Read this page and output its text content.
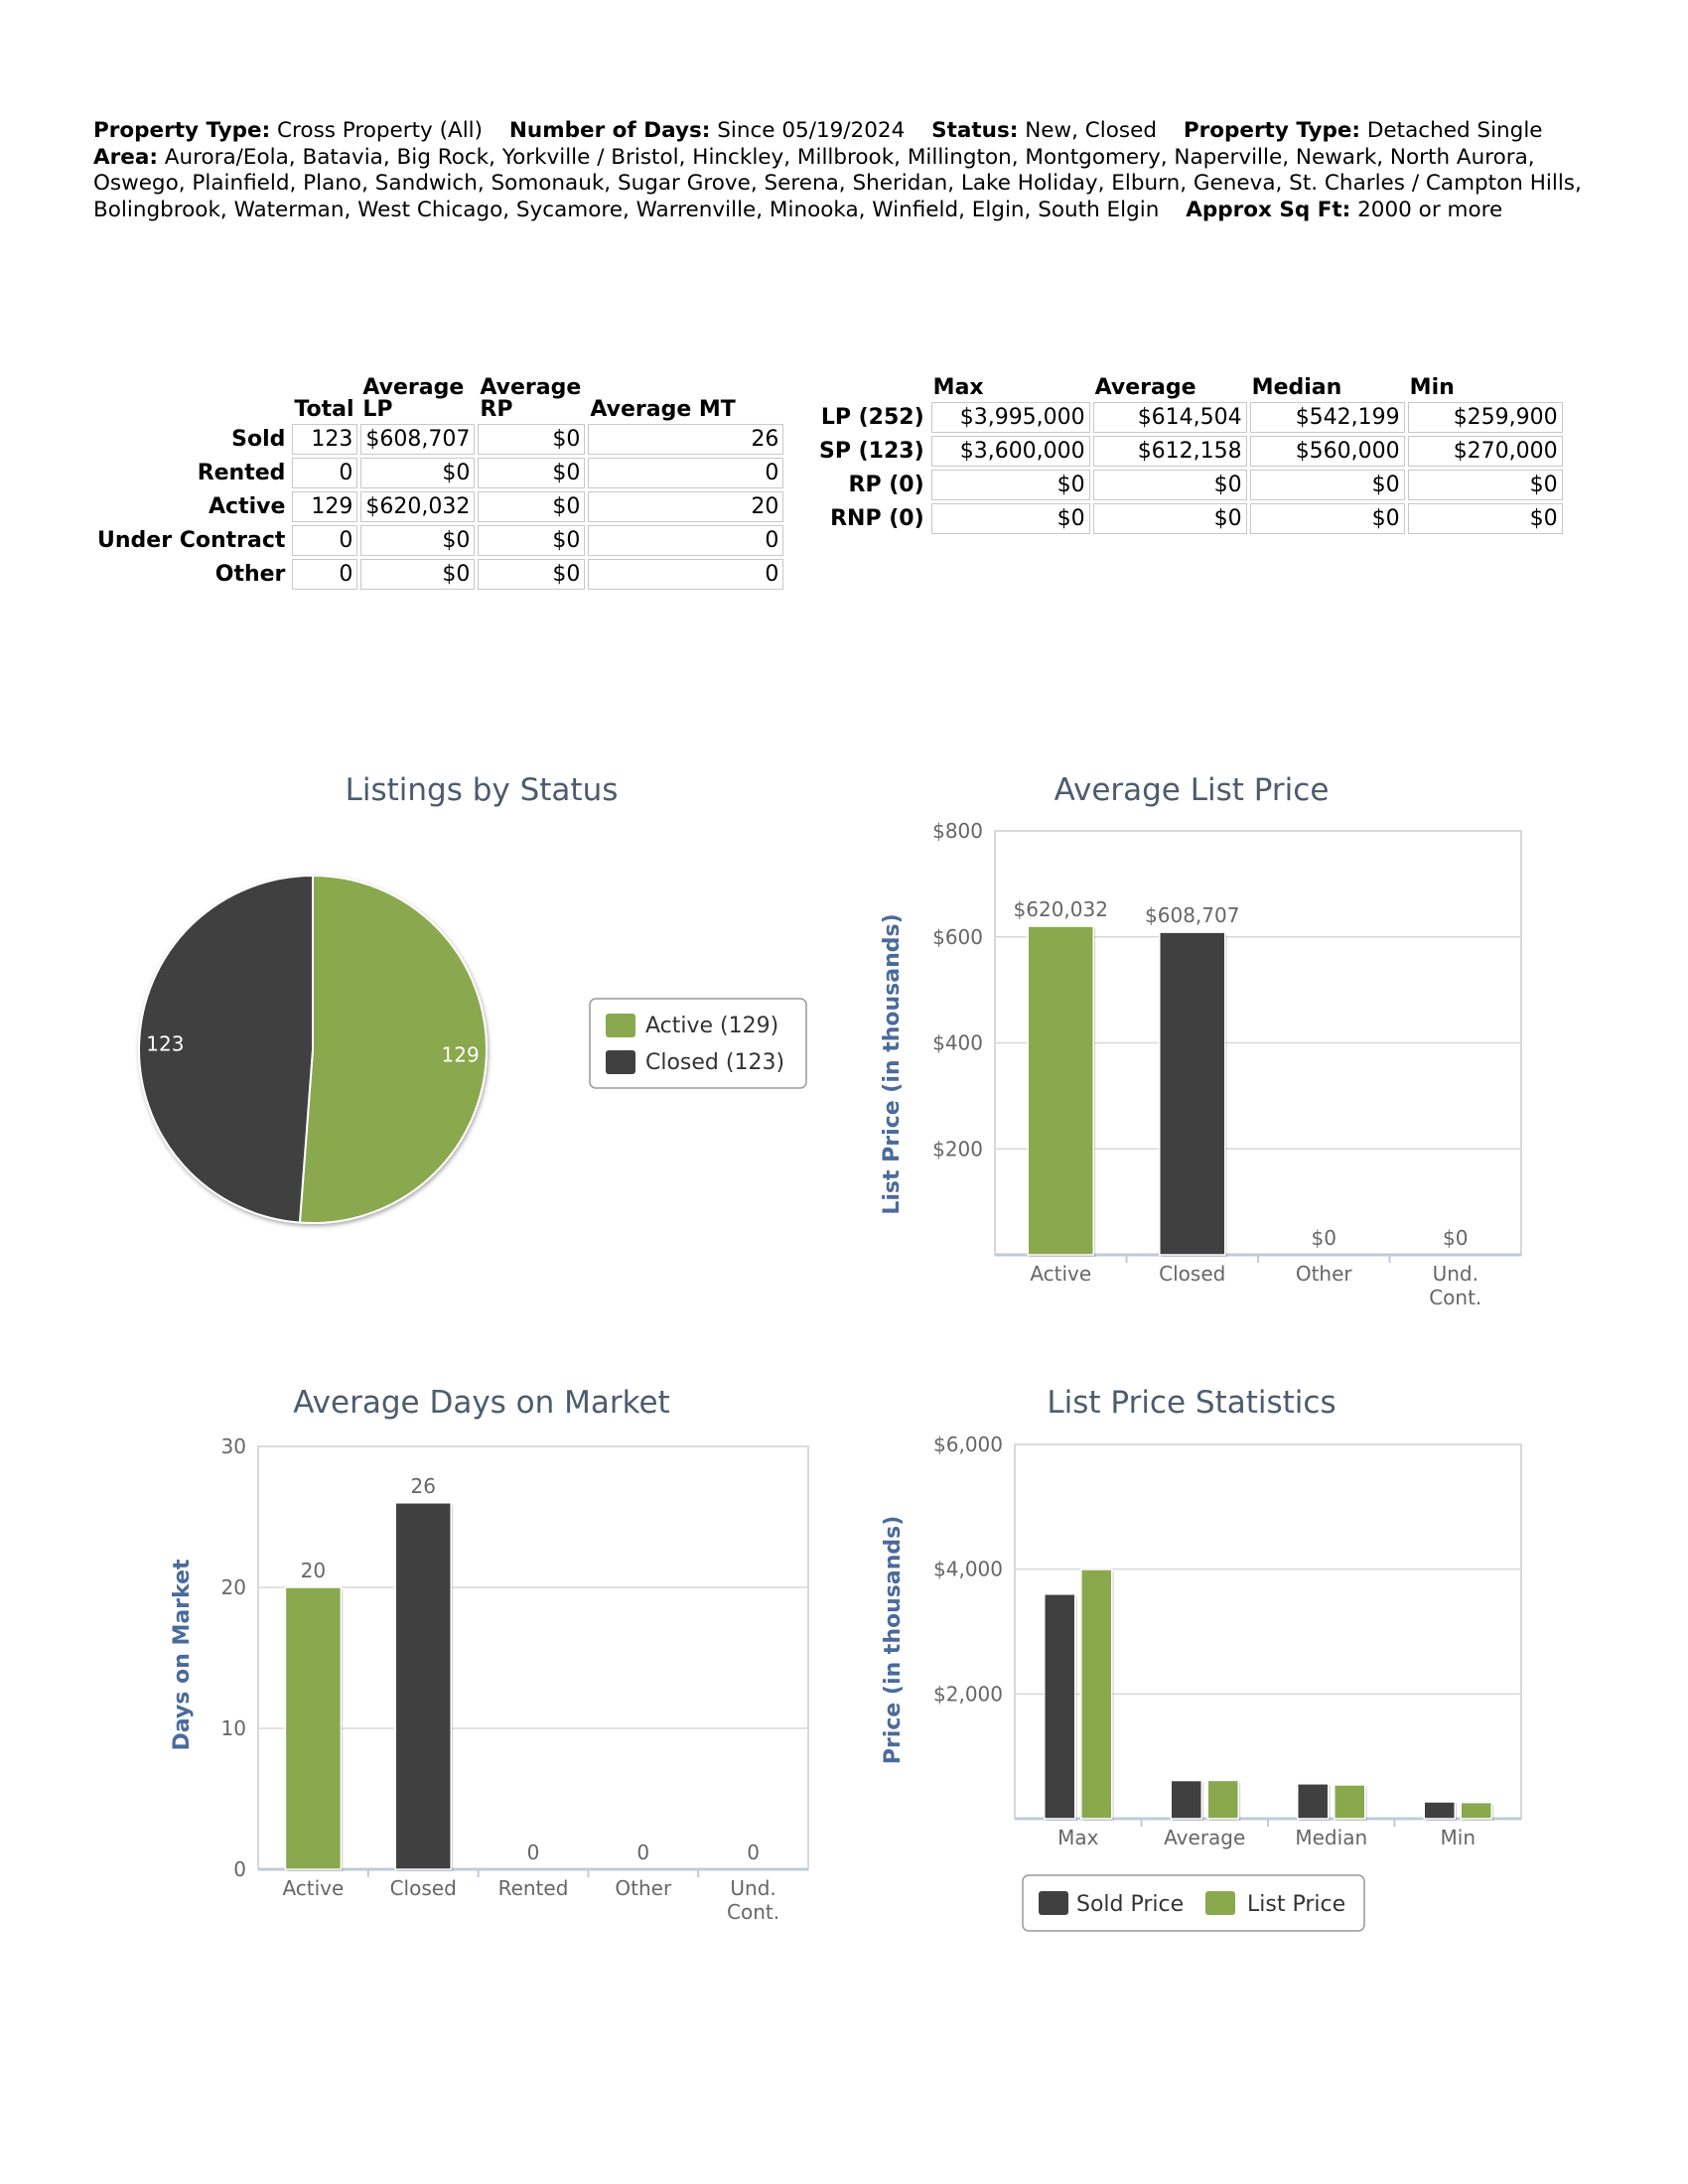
Property Type: Cross Property (All) Number of Days: Since 05/19/2024 Status: New, Closed Property Type: Detached Single Area: Aurora/Eola, Batavia, Big Rock, Yorkville / Bristol, Hinckley, Millbrook, Millington, Montgomery, Naperville, Newark, North Aurora, Oswego, Plainfield, Plano, Sandwich, Somonauk, Sugar Grove, Serena, Sheridan, Lake Holiday, Elburn, Geneva, St. Charles / Campton Hills, Bolingbrook, Waterman, West Chicago, Sycamore, Warrenville, Minooka, Winfield, Elgin, South Elgin Approx Sq Ft: 2000 or more
	Total	Average LP	Average RP	Average MT
Sold	123	$608,707	$0	26
Rented	0	$0	$0	0
Active	129	$620,032	$0	20
Under Contract	0	$0	$0	0
Other	0	$0	$0	0
	Max	Average	Median	Min
LP (252)	$3,995,000	$614,504	$542,199	$259,900
SP (123)	$3,600,000	$612,158	$560,000	$270,000
RP (0)	$0	$0	$0	$0
RNP (0)	$0	$0	$0	$0
Listings by Status
129
123
Active (129)
Closed (123)
Average List Price
List Price (in thousands) $200
$400
$600
$800
$620,032 $608,707
$0	$0
Active	Closed	Other	Und.
Cont.
Average Days on Market
Days on Market
0
10
20
30
20
26
0	0	0
Active Closed Rented Other	Und.
Cont.
List Price Statistics
Price (in thousands) $2,000
$4,000
$6,000
Max	Average	Median	Min
Sold Price	List Price
